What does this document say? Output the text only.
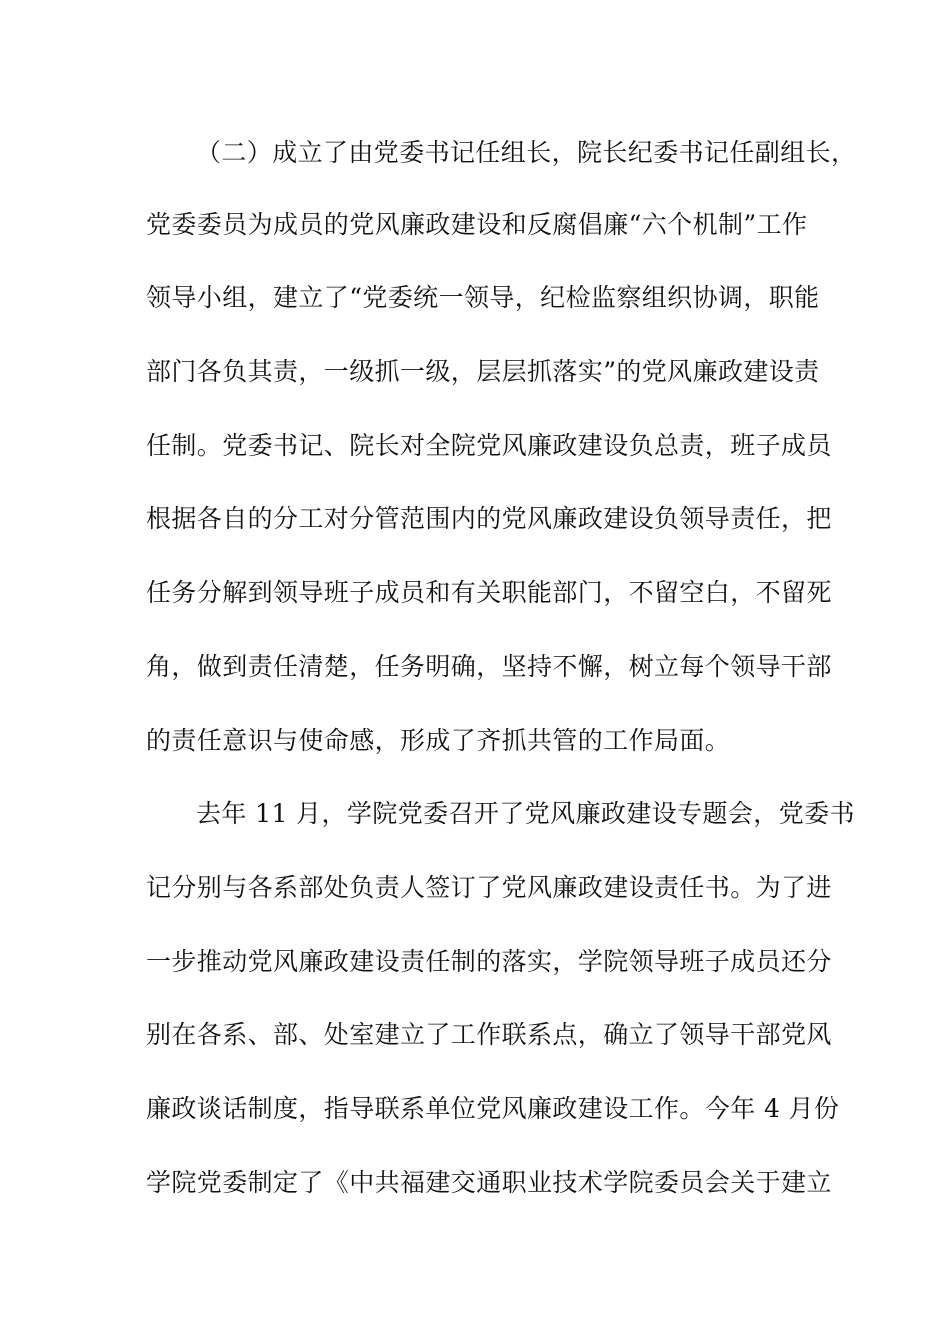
（二）成立了由党委书记任组长，院长纪委书记任副组长，
党委委员为成员的党风廉政建设和反腐倡廉“六个机制”工作
领导小组，建立了“党委统一领导，纪检监察组织协调，职能
部门各负其责，一级抓一级，层层抓落实”的党风廉政建设责
任制。党委书记、院长对全院党风廉政建设负总责，班子成员
根据各自的分工对分管范围内的党风廉政建设负领导责任，把
任务分解到领导班子成员和有关职能部门，不留空白，不留死
角，做到责任清楚，任务明确，坚持不懈，树立每个领导干部
的责任意识与使命感，形成了齐抓共管的工作局面。
去年 11 月，学院党委召开了党风廉政建设专题会，党委书
记分别与各系部处负责人签订了党风廉政建设责任书。为了进
一步推动党风廉政建设责任制的落实，学院领导班子成员还分
别在各系、部、处室建立了工作联系点，确立了领导干部党风
廉政谈话制度，指导联系单位党风廉政建设工作。今年 4 月份
学院党委制定了《中共福建交通职业技术学院委员会关于建立
